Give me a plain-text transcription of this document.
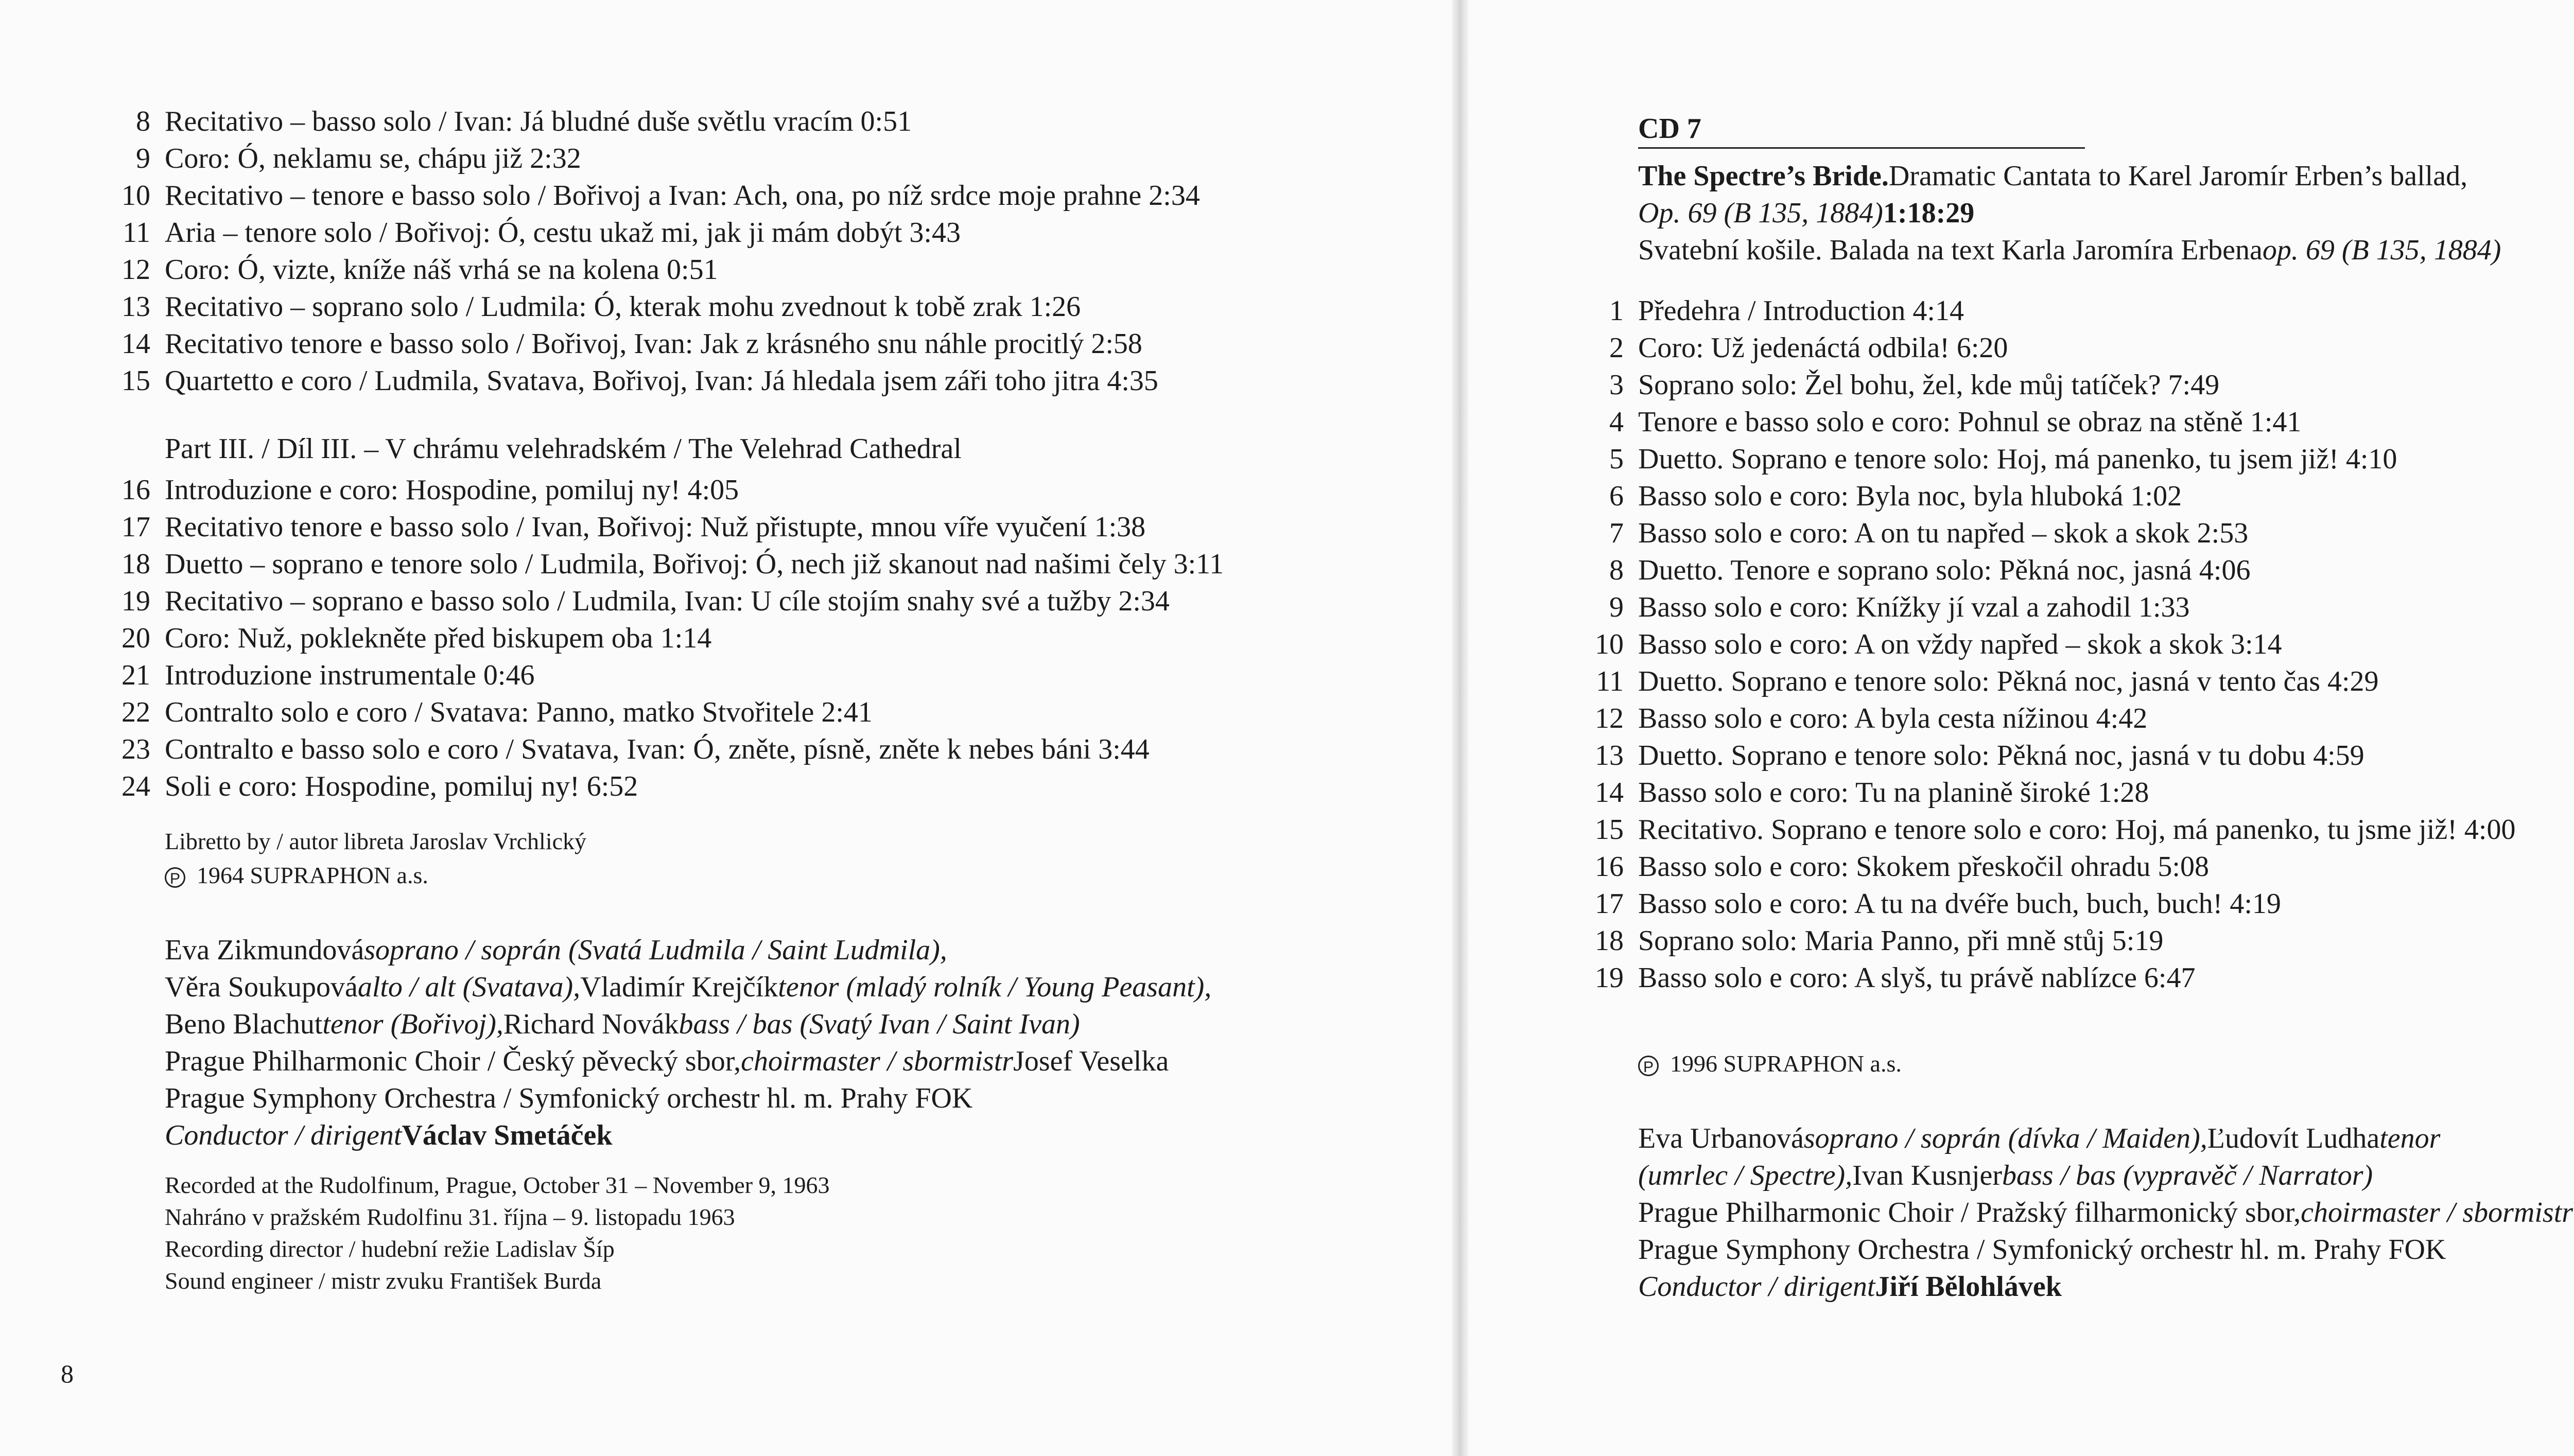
8 Recitativo – basso solo / Ivan: Já bludné duše světlu vracím 0:51
9 Coro: Ó, neklamu se, chápu již 2:32
10 Recitativo – tenore e basso solo / Bořivoj a Ivan: Ach, ona, po níž srdce moje prahne 2:34
11 Aria – tenore solo / Bořivoj: Ó, cestu ukaž mi, jak ji mám dobýt 3:43
12 Coro: Ó, vizte, kníže náš vrhá se na kolena 0:51
13 Recitativo – soprano solo / Ludmila: Ó, kterak mohu zvednout k tobě zrak 1:26
14 Recitativo tenore e basso solo / Bořivoj, Ivan: Jak z krásného snu náhle procitlý 2:58
15 Quartetto e coro / Ludmila, Svatava, Bořivoj, Ivan: Já hledala jsem záři toho jitra 4:35
Part III. / Díl III. – V chrámu velehradském / The Velehrad Cathedral
16 Introduzione e coro: Hospodine, pomiluj ny! 4:05
17 Recitativo tenore e basso solo / Ivan, Bořivoj: Nuž přistupte, mnou víře vyučení 1:38
18 Duetto – soprano e tenore solo / Ludmila, Bořivoj: Ó, nech již skanout nad našimi čely 3:11
19 Recitativo – soprano e basso solo / Ludmila, Ivan: U cíle stojím snahy své a tužby 2:34
20 Coro: Nuž, poklekněte před biskupem oba 1:14
21 Introduzione instrumentale 0:46
22 Contralto solo e coro / Svatava: Panno, matko Stvořitele 2:41
23 Contralto e basso solo e coro / Svatava, Ivan: Ó, zněte, písně, zněte k nebes báni 3:44
24 Soli e coro: Hospodine, pomiluj ny! 6:52
Libretto by / autor libreta Jaroslav Vrchlický
P 1964 SUPRAPHON a.s.
Eva Zikmundová soprano / soprán (Svatá Ludmila / Saint Ludmila),
Věra Soukupová alto / alt (Svatava), Vladimír Krejčík tenor (mladý rolník / Young Peasant),
Beno Blachut tenor (Bořivoj), Richard Novák bass / bas (Svatý Ivan / Saint Ivan)
Prague Philharmonic Choir / Český pěvecký sbor, choirmaster / sbormistr Josef Veselka
Prague Symphony Orchestra / Symfonický orchestr hl. m. Prahy FOK
Conductor / dirigent Václav Smetáček
Recorded at the Rudolfinum, Prague, October 31 – November 9, 1963
Nahráno v pražském Rudolfinu 31. října – 9. listopadu 1963
Recording director / hudební režie Ladislav Šíp
Sound engineer / mistr zvuku František Burda
8
CD 7
The Spectre’s Bride. Dramatic Cantata to Karel Jaromír Erben’s ballad,
Op. 69 (B 135, 1884) 1:18:29
Svatební košile. Balada na text Karla Jaromíra Erbena op. 69 (B 135, 1884)
1 Předehra / Introduction 4:14
2 Coro: Už jedenáctá odbila! 6:20
3 Soprano solo: Žel bohu, žel, kde můj tatíček? 7:49
4 Tenore e basso solo e coro: Pohnul se obraz na stěně 1:41
5 Duetto. Soprano e tenore solo: Hoj, má panenko, tu jsem již! 4:10
6 Basso solo e coro: Byla noc, byla hluboká 1:02
7 Basso solo e coro: A on tu napřed – skok a skok 2:53
8 Duetto. Tenore e soprano solo: Pěkná noc, jasná 4:06
9 Basso solo e coro: Knížky jí vzal a zahodil 1:33
10 Basso solo e coro: A on vždy napřed – skok a skok 3:14
11 Duetto. Soprano e tenore solo: Pěkná noc, jasná v tento čas 4:29
12 Basso solo e coro: A byla cesta nížinou 4:42
13 Duetto. Soprano e tenore solo: Pěkná noc, jasná v tu dobu 4:59
14 Basso solo e coro: Tu na planině široké 1:28
15 Recitativo. Soprano e tenore solo e coro: Hoj, má panenko, tu jsme již! 4:00
16 Basso solo e coro: Skokem přeskočil ohradu 5:08
17 Basso solo e coro: A tu na dvéře buch, buch, buch! 4:19
18 Soprano solo: Maria Panno, při mně stůj 5:19
19 Basso solo e coro: A slyš, tu právě nablízce 6:47
P 1996 SUPRAPHON a.s.
Eva Urbanová soprano / soprán (dívka / Maiden), Ľudovít Ludha tenor
(umrlec / Spectre), Ivan Kusnjer bass / bas (vypravěč / Narrator)
Prague Philharmonic Choir / Pražský filharmonický sbor, choirmaster / sbormistr
Prague Symphony Orchestra / Symfonický orchestr hl. m. Prahy FOK
Conductor / dirigent Jiří Bělohlávek
